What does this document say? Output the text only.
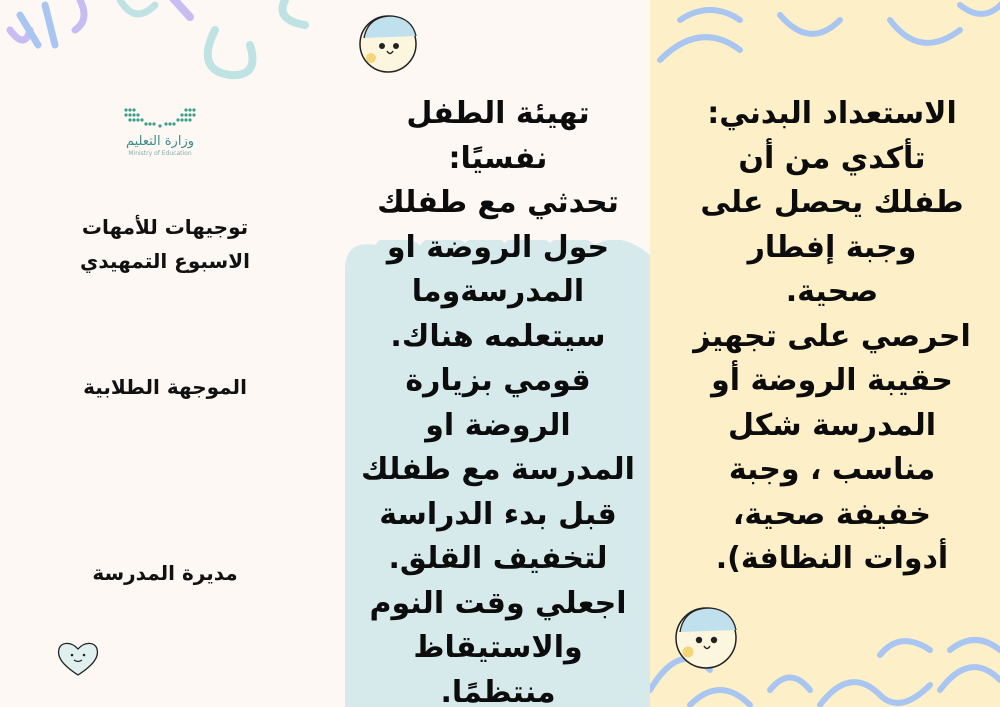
وزارة التعليم
Ministry of Education
توجيهات للأمهات
الاسبوع التمهيدي
الموجهة الطلابية
مديرة المدرسة
تهيئة الطفل نفسيًا:
تحدثي مع طفلك
حول الروضة او
المدرسةوما
سيتعلمه هناك.
قومي بزيارة
الروضة او
المدرسة مع طفلك
قبل بدء الدراسة
لتخفيف القلق.
اجعلي وقت النوم
والاستيقاظ
منتظمًا.
الاستعداد البدني:
تأكدي من أن
طفلك يحصل على
وجبة إفطار
صحية.
احرصي على تجهيز
حقيبة الروضة أو
المدرسة شكل
مناسب ، وجبة
خفيفة صحية،
أدوات النظافة).
